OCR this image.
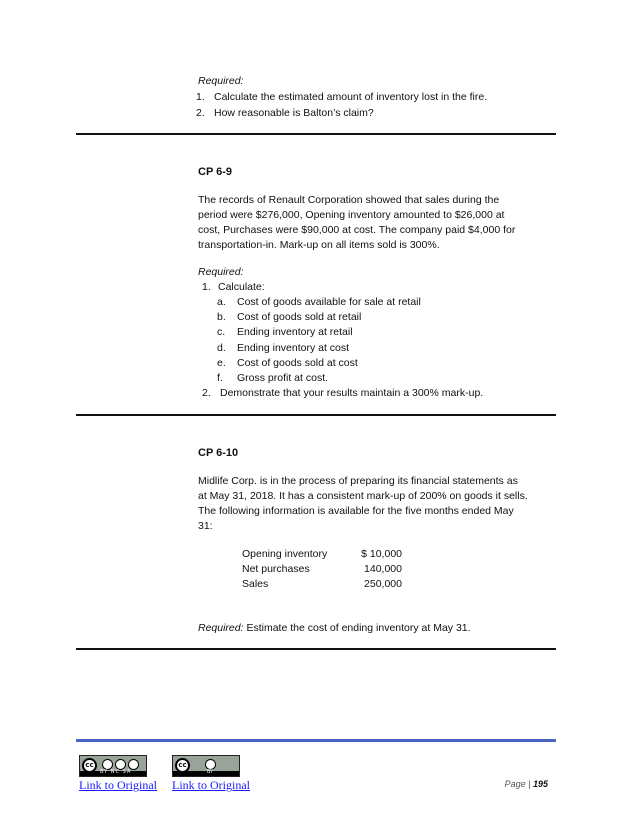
Required:
1. Calculate the estimated amount of inventory lost in the fire.
2. How reasonable is Balton’s claim?
CP 6-9
The records of Renault Corporation showed that sales during the
period were $276,000, Opening inventory amounted to $26,000 at
cost, Purchases were $90,000 at cost. The company paid $4,000 for
transportation-in. Mark-up on all items sold is 300%.
Required:
1. Calculate:
a. Cost of goods available for sale at retail
b. Cost of goods sold at retail
c. Ending inventory at retail
d. Ending inventory at cost
e. Cost of goods sold at cost
f. Gross profit at cost.
2. Demonstrate that your results maintain a 300% mark-up.
CP 6-10
Midlife Corp. is in the process of preparing its financial statements as
at May 31, 2018. It has a consistent mark-up of 200% on goods it sells.
The following information is available for the five months ended May
31:
Opening inventory	$ 10,000
Net purchases	140,000
Sales	250,000
Required: Estimate the cost of ending inventory at May 31.
cc
BY NC SA
cc
BY
Link to Original Link to Original	Page | 195
